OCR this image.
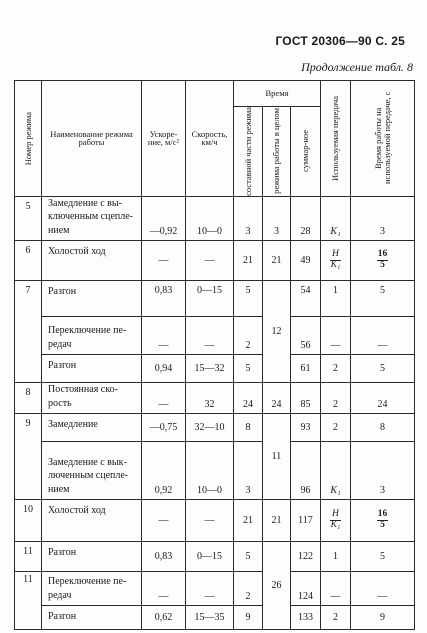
ГОСТ 20306—90 С. 25
Продолжение табл. 8
Номер режима	Наименование режима работы	Ускоре-ние, м/с²	Скорость, км/ч	Время			Используемая передача	Время работы на используемой передаче, с

				составной части режима	режима работы в целом	суммар-ное		

5	Замедление с вы-ключенным сцепле-нием	—0,92	10—0	3	3	28	K₁	3
6	Холостой ход	—	—	21	21	49	$\frac{H}{\text{K₁}}$	$\frac{16}{5}$

7	Разгон	0,83	0—15	5	12	54	1	5
	Переключение пе-редач	—	—	2		56	—	—
	Разгон	0,94	15—32	5		61	2	5
8	Постоянная ско-рость	—	32	24	24	85	2	24
9	Замедление	—0,75	32—10	8	11	93	2	8
	Замедление с вык-люченным сцепле-нием	0,92	10—0	3		96	K₁	3
10	Холостой ход	—	—	21	21	117	$\frac{H}{\text{K₁}}$	$\frac{16}{5}$

11	Разгон	0,83	0—15	5	26	122	1	5
11	Переключение пе-редач	—	—	2		124	—	—
	Разгон	0,62	15—35	9		133	2	9
